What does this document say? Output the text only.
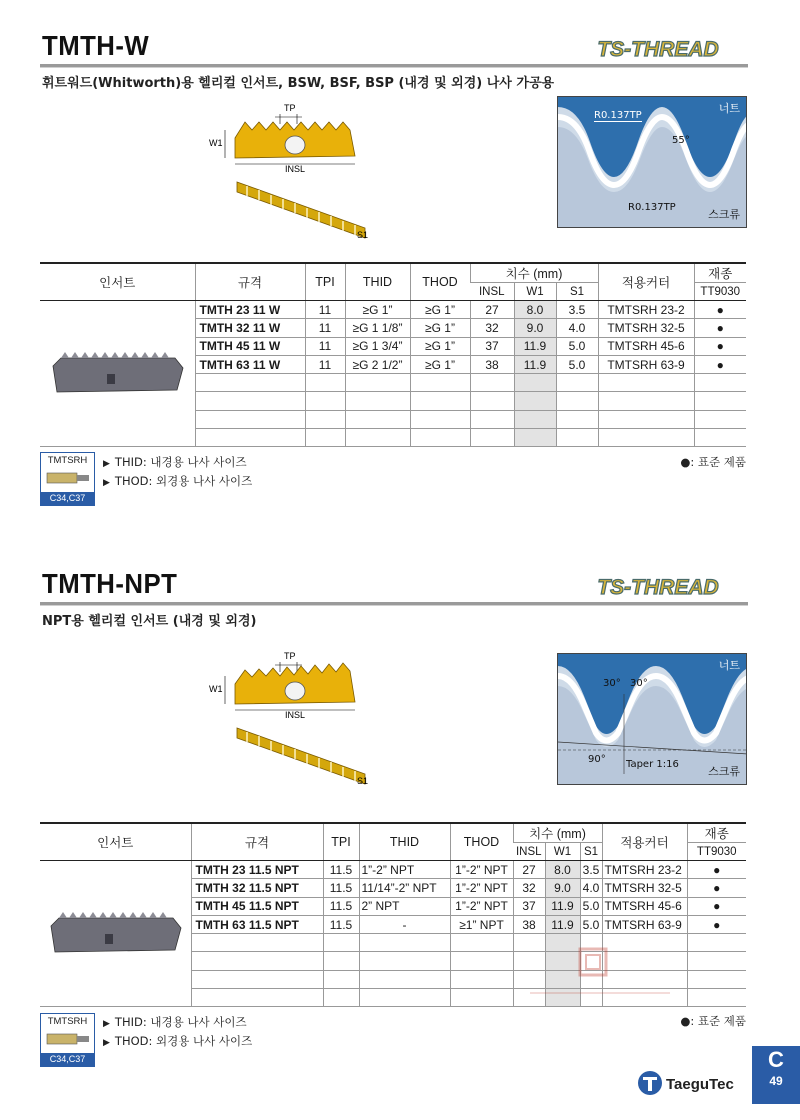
TMTH-W	TS-THREAD
휘트워드(Whitworth)용 헬리컬 인서트, BSW, BSF, BSP (내경 및 외경) 나사 가공용
TP
W1
INSL
S1
너트
스크류
R0.137TP
R0.137TP
55°
인서트	규격	TPI	THID	THOD	치수 (mm)			적용커터	재종
					INSL	W1	S1		TT9030

	TMTH 23 11 W	11	≥G 1”	≥G 1”	27	8.0	3.5	TMTSRH 23-2	●
	TMTH 32 11 W	11	≥G 1 1/8”	≥G 1”	32	9.0	4.0	TMTSRH 32-5	●
	TMTH 45 11 W	11	≥G 1 3/4”	≥G 1”	37	11.9	5.0	TMTSRH 45-6	●
	TMTH 63 11 W	11	≥G 2 1/2”	≥G 1”	38	11.9	5.0	TMTSRH 63-9	●

TMTSRH
C34,C37
▶ THID: 내경용 나사 사이즈
▶ THOD: 외경용 나사 사이즈
●: 표준 제품
TMTH-NPT	TS-THREAD
NPT용 헬리컬 인서트 (내경 및 외경)
TP
W1
INSL
S1
너트
스크류
30° 30°
90° Taper 1:16
인서트	규격	TPI	THID	THOD	치수 (mm)			적용커터	재종
					INSL	W1	S1		TT9030

	TMTH 23 11.5 NPT	11.5	1”-2” NPT	1”-2” NPT	27	8.0	3.5	TMTSRH 23-2	●
	TMTH 32 11.5 NPT	11.5	11/14”-2” NPT	1”-2” NPT	32	9.0	4.0	TMTSRH 32-5	●
	TMTH 45 11.5 NPT	11.5	2” NPT	1”-2” NPT	37	11.9	5.0	TMTSRH 45-6	●
	TMTH 63 11.5 NPT	11.5	-	≥1” NPT	38	11.9	5.0	TMTSRH 63-9	●

TMTSRH
C34,C37
▶ THID: 내경용 나사 사이즈
▶ THOD: 외경용 나사 사이즈
●: 표준 제품
TaeguTec
C
49
